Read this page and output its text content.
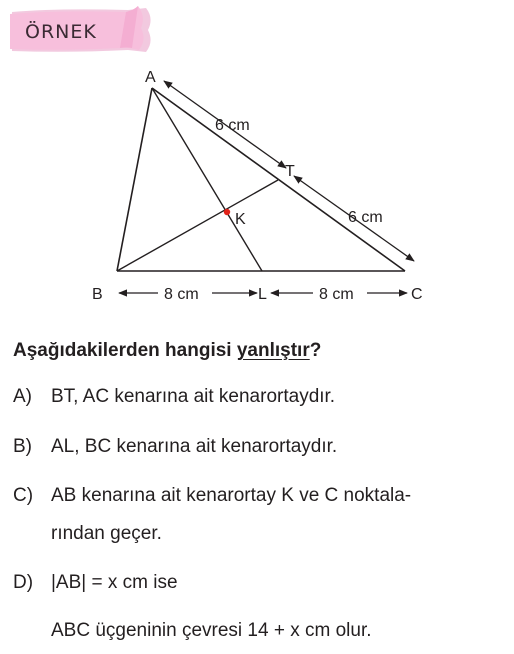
ÖRNEK
A
B	C
T
K
L
6 cm
6 cm
8 cm	8 cm
Aşağıdakilerden hangisi yanlıştır?
A) BT, AC kenarına ait kenarortaydır.
B) AL, BC kenarına ait kenarortaydır.
C) AB kenarına ait kenarortay K ve C noktala-
rından geçer.
D) |AB| = x cm ise
ABC üçgeninin çevresi 14 + x cm olur.
